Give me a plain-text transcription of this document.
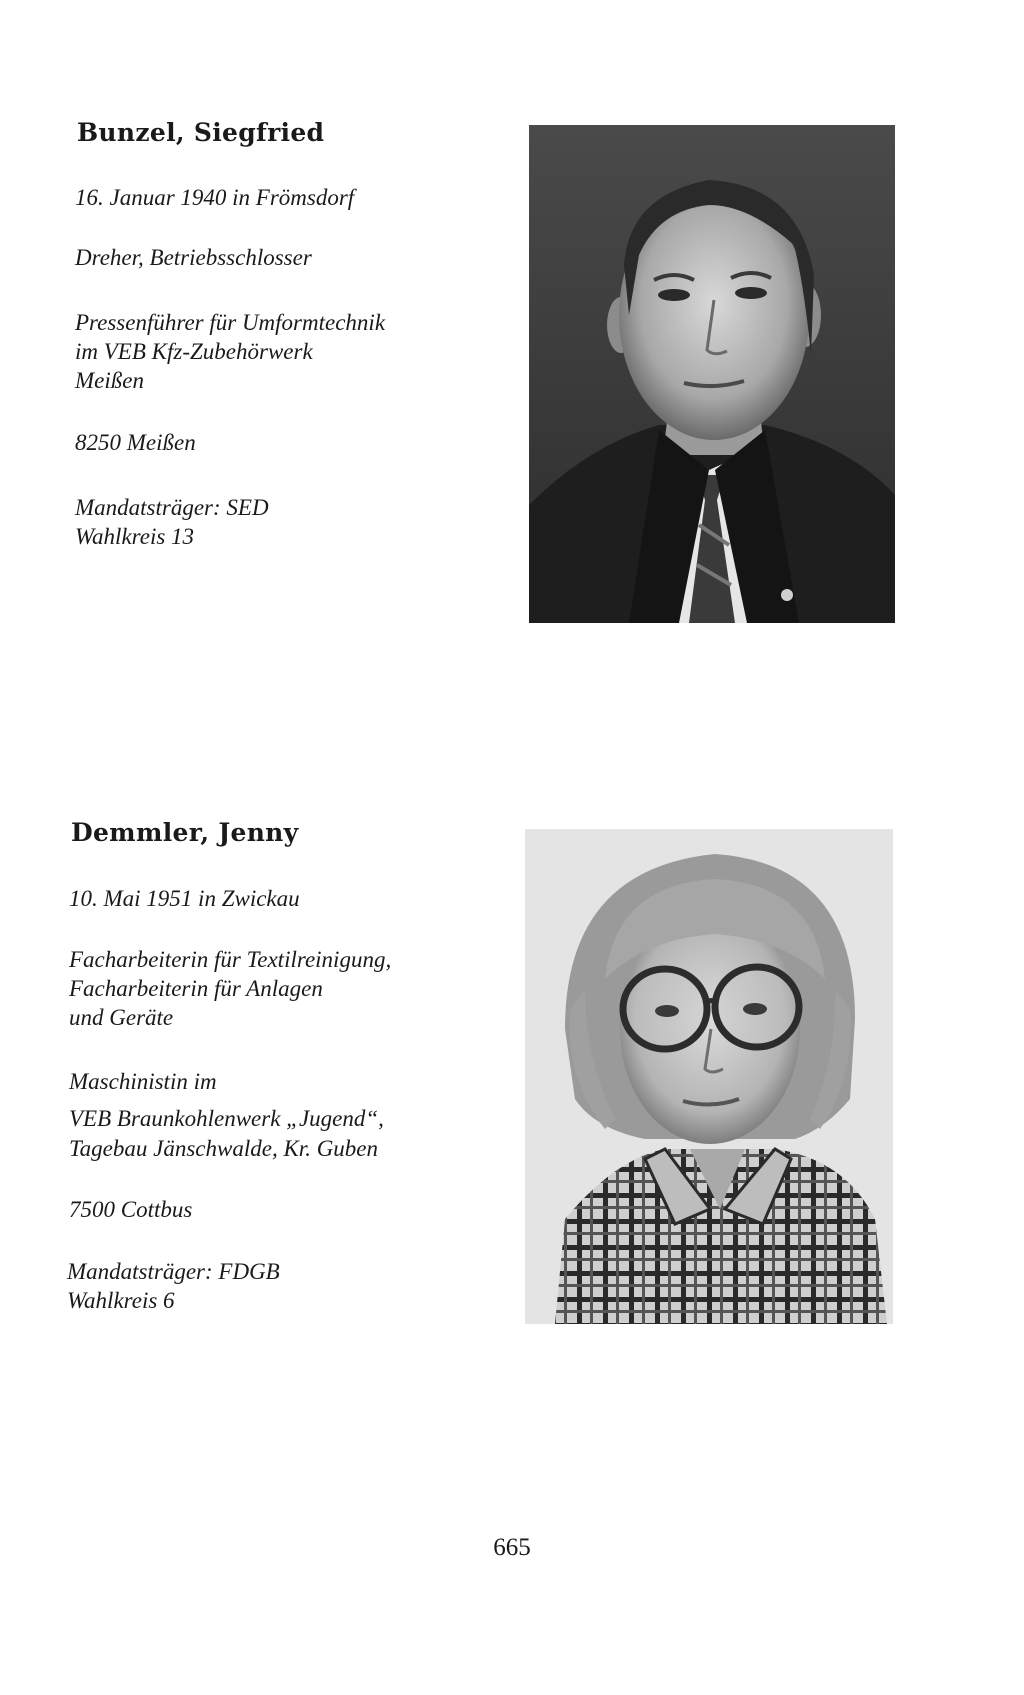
Bunzel, Siegfried
16. Januar 1940 in Frömsdorf
Dreher, Betriebsschlosser
Pressenführer für Umformtechnik
im VEB Kfz-Zubehörwerk
Meißen
8250 Meißen
Mandatsträger: SED
Wahlkreis 13
Demmler, Jenny
10. Mai 1951 in Zwickau
Facharbeiterin für Textilreinigung,
Facharbeiterin für Anlagen
und Geräte
Maschinistin im
VEB Braunkohlenwerk „Jugend“,
Tagebau Jänschwalde, Kr. Guben
7500 Cottbus
Mandatsträger: FDGB
Wahlkreis 6
665
